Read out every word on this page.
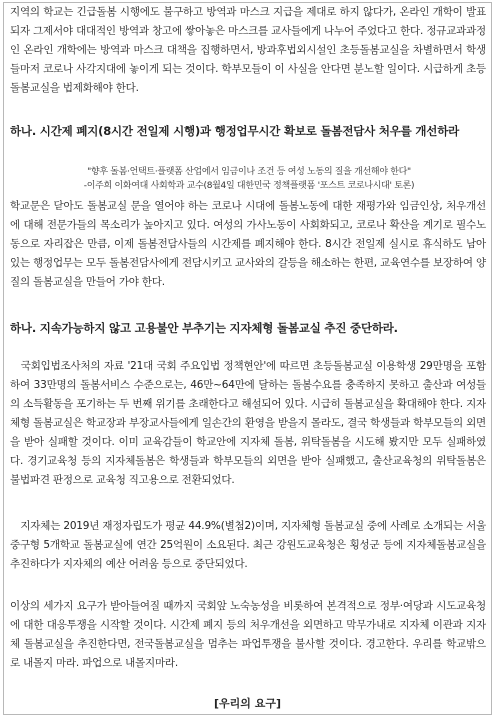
지역의 학교는 긴급돌봄 시행에도 불구하고 방역과 마스크 지급을 제대로 하지 않다가, 온라인 개학이 발표되자 그제서야 대대적인 방역과 창고에 쌓아놓은 마스크를 교사들에게 나누어 주었다고 한다. 정규교과과정인 온라인 개학에는 방역과 마스크 대책을 집행하면서, 방과후법외시설인 초등돌봄교실을 차별하면서 학생들마저 코로나 사각지대에 놓이게 되는 것이다. 학부모들이 이 사실을 안다면 분노할 일이다. 시급하게 초등돌봄교실을 법제화해야 한다.
하나. 시간제 폐지(8시간 전일제 시행)과 행정업무시간 확보로 돌봄전담사 처우를 개선하라
"향후 돌봄·언택트·플랫폼 산업에서 임금이나 조건 등 여성 노동의 질을 개선해야 한다"
-이주희 이화여대 사회학과 교수(8월4일 대한민국 정책플랫폼 '포스트 코로나시대' 토론)
학교문은 닫아도 돌봄교실 문을 열어야 하는 코로나 시대에 돌봄노동에 대한 재평가와 임금인상, 처우개선에 대해 전문가들의 목소리가 높아지고 있다. 여성의 가사노동이 사회화되고, 코로나 확산을 계기로 필수노동으로 자리잡은 만큼, 이제 돌봄전담사들의 시간제를 폐지해야 한다. 8시간 전일제 실시로 휴식하도 남아있는 행정업무는 모두 돌봄전담사에게 전담시키고 교사와의 갈등을 해소하는 한편, 교육연수를 보장하여 양질의 돌봄교실을 만들어 가야 한다.
하나. 지속가능하지 않고 고용불안 부추기는 지자체형 돌봄교실 추진 중단하라.
　국회입법조사처의 자료 '21대 국회 주요입법 정책현안'에 따르면 초등돌봄교실 이용학생 29만명을 포함하여 33만명의 돌봄서비스 수준으로는, 46만~64만에 달하는 돌봄수요를 충족하지 못하고 출산과 여성들의 소득활동을 포기하는 두 번째 위기를 초래한다고 해설되어 있다. 시급히 돌봄교실을 확대해야 한다. 지자체형 돌봄교실은 학교장과 부장교사들에게 일손간의 환영을 받을지 몰라도, 결국 학생들과 학부모들의 외면을 받아 실패할 것이다. 이미 교육감들이 학교안에 지자체 돌봄, 위탁돌봄을 시도해 봤지만 모두 실패하였다. 경기교육청 등의 지자체돌봄은 학생들과 학부모들의 외면을 받아 실패했고, 출산교육청의 위탁돌봄은 불법파견 판정으로 교육청 직고용으로 전환되었다.
　지자체는 2019년 재정자립도가 평균 44.9%(별첨2)이며, 지자체형 돌봄교실 중에 사례로 소개되는 서울 중구형 5개학교 돌봄교실에 연간 25억원이 소요된다. 최근 강원도교육청은 횡성군 등에 지자체돌봄교실을 추진하다가 지자체의 예산 어려움 등으로 중단되었다.
이상의 세가지 요구가 받아들여질 때까지 국회앞 노숙농성을 비롯하여 본격적으로 정부·여당과 시도교육청에 대한 대응투쟁을 시작할 것이다. 시간제 폐지 등의 처우개선을 외면하고 막무가내로 지자체 이관과 지자체 돌봄교실을 추진한다면, 전국돌봄교실을 멈추는 파업투쟁을 불사할 것이다. 경고한다. 우리를 학교밖으로 내몰지 마라. 파업으로 내몰지마라.
[우리의 요구]
